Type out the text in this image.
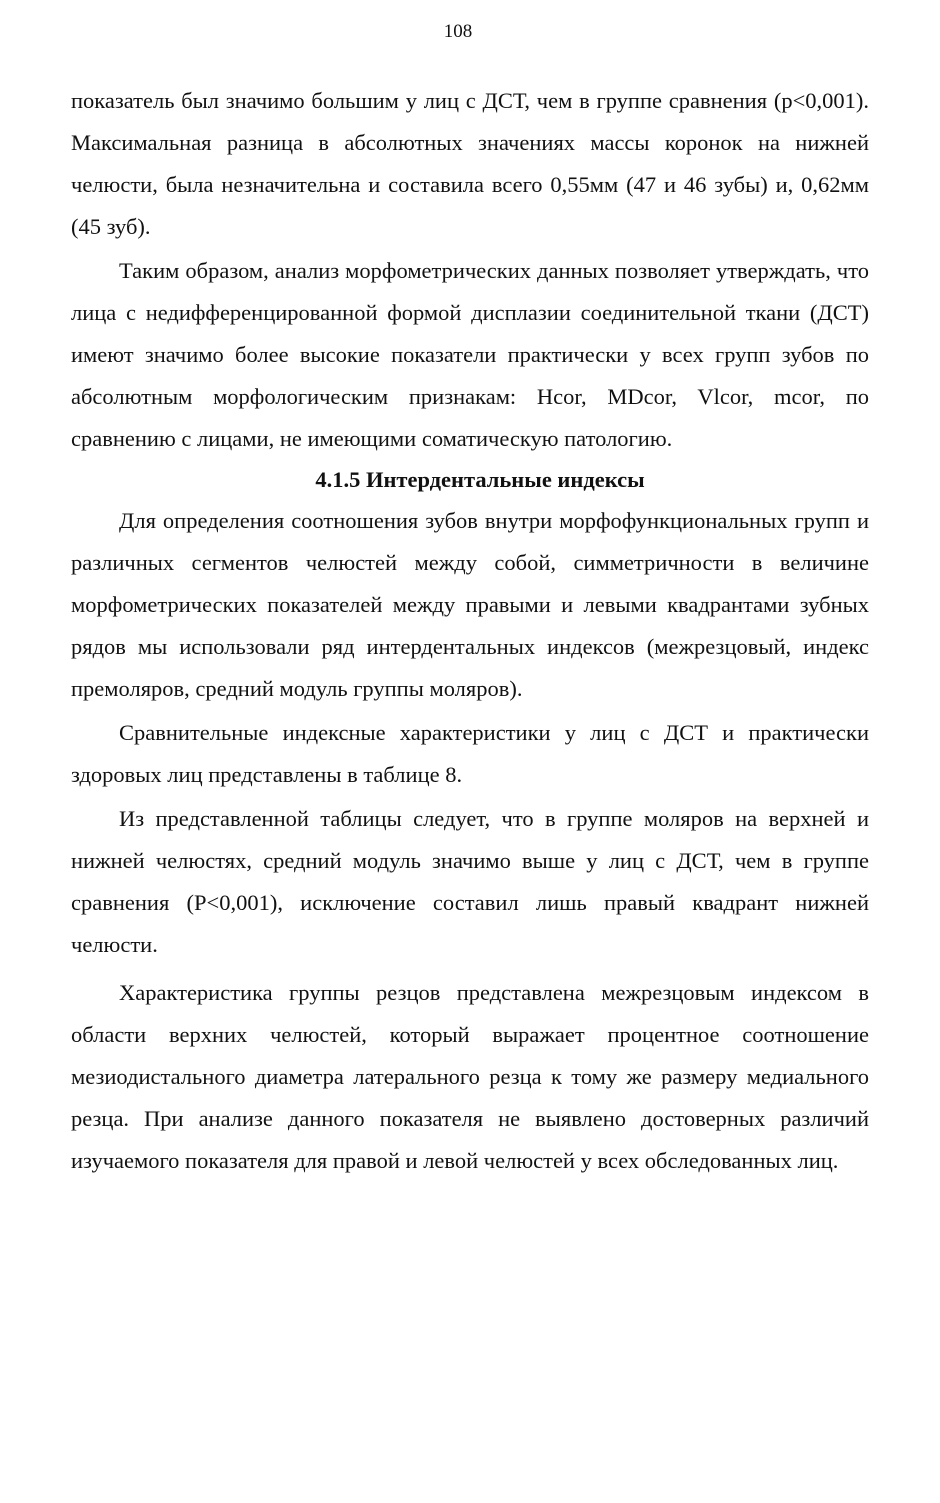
108

показатель был значимо большим у лиц с ДСТ, чем в группе сравнения (p<0,001). Максимальная разница в абсолютных значениях массы коронок на нижней челюсти, была незначительна и составила всего 0,55мм (47 и 46 зубы) и, 0,62мм (45 зуб).

Таким образом, анализ морфометрических данных позволяет утверждать, что лица с недифференцированной формой дисплазии соединительной ткани (ДСТ) имеют значимо более высокие показатели практически у всех групп зубов по абсолютным морфологическим признакам: Hcor, MDcor, Vlcor, mcor, по сравнению с лицами, не имеющими соматическую патологию.

4.1.5 Интердентальные индексы

Для определения соотношения зубов внутри морфофункциональных групп и различных сегментов челюстей между собой, симметричности в величине морфометрических показателей между правыми и левыми квадрантами зубных рядов мы использовали ряд интердентальных индексов (межрезцовый, индекс премоляров, средний модуль группы моляров).

Сравнительные индексные характеристики у лиц с ДСТ и практически здоровых лиц представлены в таблице 8.

Из представленной таблицы следует, что в группе моляров на верхней и нижней челюстях, средний модуль значимо выше у лиц с ДСТ, чем в группе сравнения (P<0,001), исключение составил лишь правый квадрант нижней челюсти.

Характеристика группы резцов представлена межрезцовым индексом в области верхних челюстей, который выражает процентное соотношение мезиодистального диаметра латерального резца к тому же размеру медиального резца. При анализе данного показателя не выявлено достоверных различий изучаемого показателя для правой и левой челюстей у всех обследованных лиц.
